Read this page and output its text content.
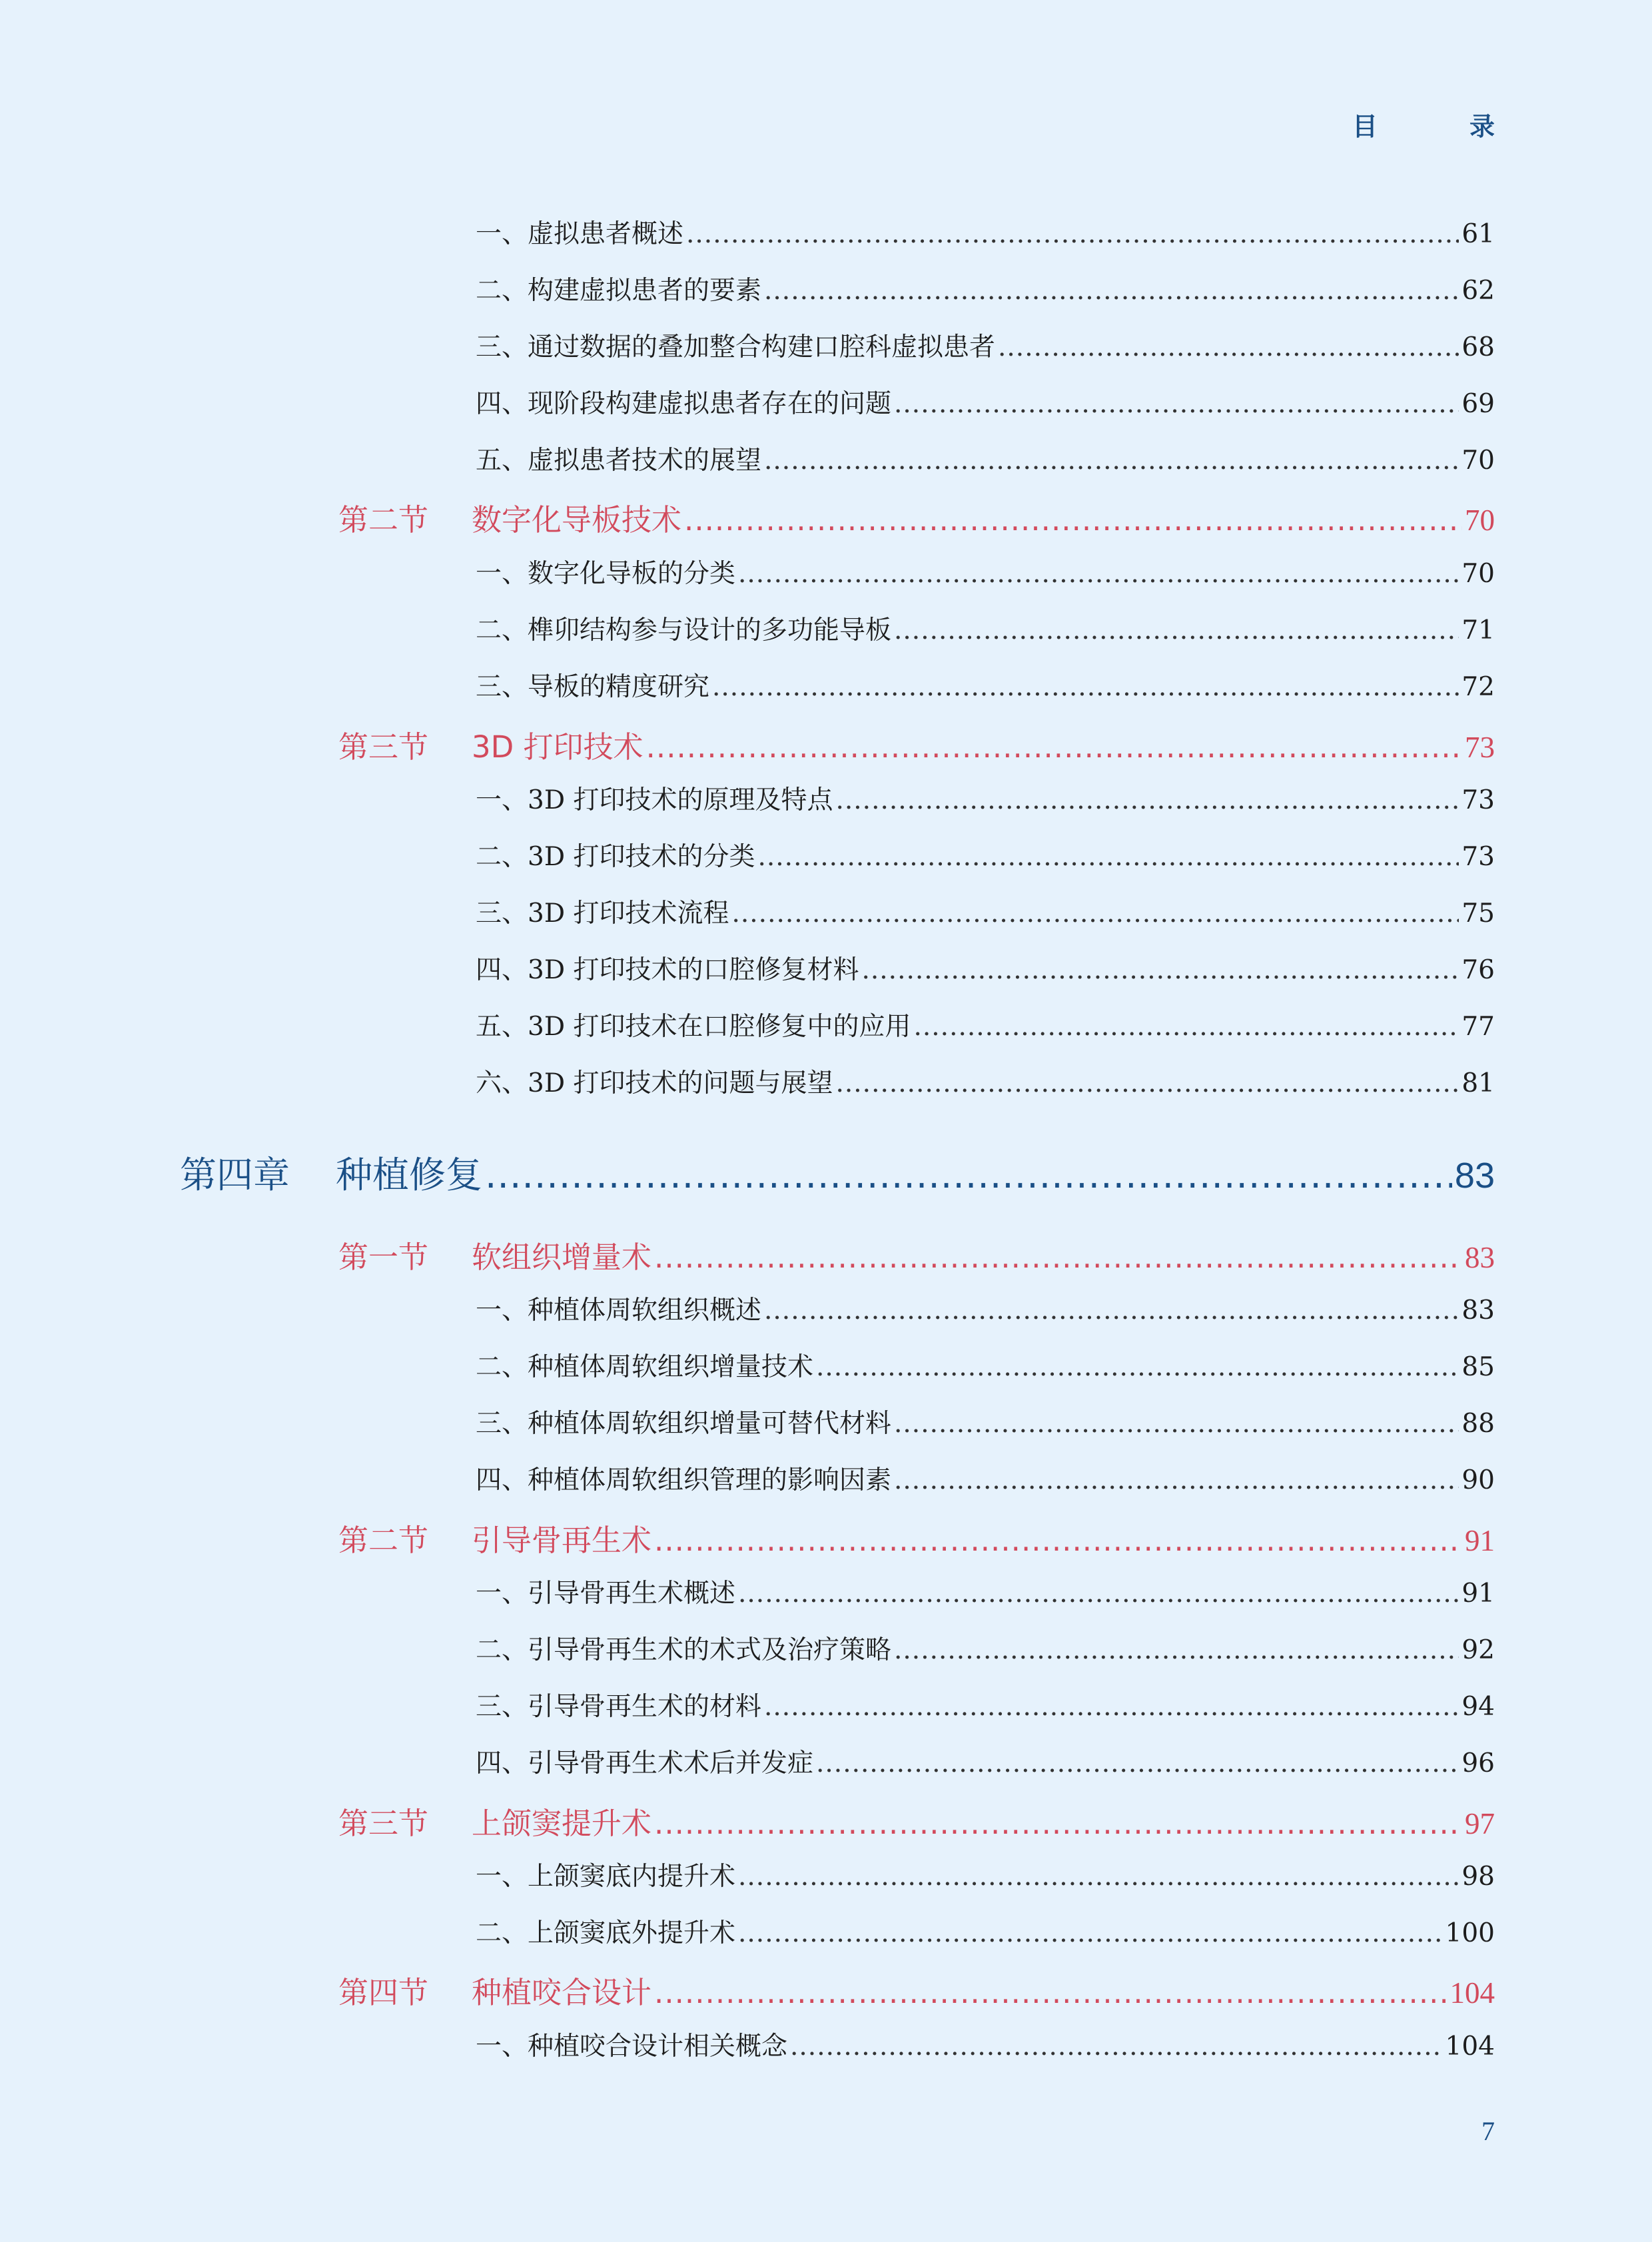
目　录
一、虚拟患者概述 .....	61
二、构建虚拟患者的要素 .....	62
三、通过数据的叠加整合构建口腔科虚拟患者 .....	68
四、现阶段构建虚拟患者存在的问题 .....	69
五、虚拟患者技术的展望 .....	70
第二节	数字化导板技术 .....	70
一、数字化导板的分类 .....	70
二、榫卯结构参与设计的多功能导板 .....	71
三、导板的精度研究 .....	72
第三节	3D 打印技术 .....	73
一、3D 打印技术的原理及特点 .....	73
二、3D 打印技术的分类 .....	73
三、3D 打印技术流程 .....	75
四、3D 打印技术的口腔修复材料 .....	76
五、3D 打印技术在口腔修复中的应用 .....	77
六、3D 打印技术的问题与展望 .....	81
第四章	种植修复 .....	83
第一节	软组织增量术 .....	83
一、种植体周软组织概述 .....	83
二、种植体周软组织增量技术 .....	85
三、种植体周软组织增量可替代材料 .....	88
四、种植体周软组织管理的影响因素 .....	90
第二节	引导骨再生术 .....	91
一、引导骨再生术概述 .....	91
二、引导骨再生术的术式及治疗策略 .....	92
三、引导骨再生术的材料 .....	94
四、引导骨再生术术后并发症 .....	96
第三节	上颌窦提升术 .....	97
一、上颌窦底内提升术 .....	98
二、上颌窦底外提升术 .....	100
第四节	种植咬合设计 .....	104
一、种植咬合设计相关概念 .....	104
7
